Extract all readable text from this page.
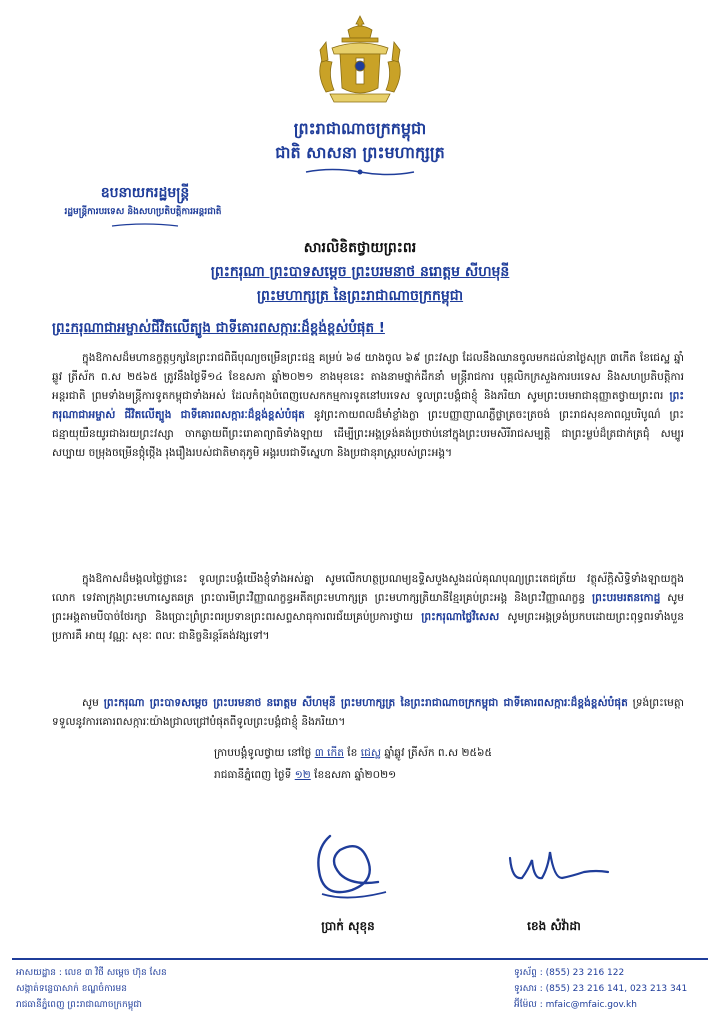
ព្រះរាជាណាចក្រកម្ពុជា
ជាតិ សាសនា ព្រះមហាក្សត្រ
ឧបនាយករដ្ឋមន្ត្រី
រដ្ឋមន្ត្រីការបរទេស និងសហប្រតិបត្តិការអន្តរជាតិ
សារលិខិតថ្វាយព្រះពរ
ព្រះករុណា ព្រះបាទសម្តេច ព្រះបរមនាថ នរោត្តម សីហមុនី
ព្រះមហាក្សត្រ នៃព្រះរាជាណាចក្រកម្ពុជា
ព្រះករុណាជាអម្ចាស់ជីវិតលើត្បូង ជាទីគោរពសក្ការៈដ៏ខ្ពង់ខ្ពស់បំផុត !
ក្នុងឱកាសដ៏មហានក្ខត្តឫក្សនៃព្រះរាជពិធីបុណ្យចម្រើនព្រះជន្ម គម្រប់ ៦៨ យាងចូល ៦៩ ព្រះវស្សា ដែលនឹងឈានចូលមកដល់នាថ្ងៃសុក្រ ៣កើត ខែជេស្ឋ ឆ្នាំឆ្លូវ ត្រីស័ក ព.ស ២៥៦៥ ត្រូវនឹងថ្ងៃទី១៤ ខែឧសភា ឆ្នាំ២០២១ ខាងមុខនេះ តាងនាមថ្នាក់ដឹកនាំ មន្ត្រីរាជការ បុគ្គលិកក្រសួងការបរទេស និងសហប្រតិបត្តិការអន្តរជាតិ ព្រមទាំងមន្ត្រីការទូតកម្ពុជាទាំងអស់ ដែលកំពុងបំពេញបេសកកម្មការទូតនៅបរទេស ទូលព្រះបង្គំជាខ្ញុំ និងភរិយា សូមព្រះបរមរាជានុញ្ញាតថ្វាយព្រះពរ ព្រះករុណាជាអម្ចាស់ ជីវិតលើត្បូង ជាទីគោរពសក្ការៈដ៏ខ្ពង់ខ្ពស់បំផុត នូវព្រះកាយពលដ៏មាំខ្លាំងក្លា ព្រះបញ្ញាញាណភ្លឺថ្លាត្រចះត្រចង់ ព្រះរាជសុខភាពល្អបរិបូណ៌ ព្រះជន្មាយុយឺនយូរជាងរយព្រះវស្សា ចាកឆ្ងាយពីព្រះរោគាព្យាធិទាំងឡាយ ដើម្បីព្រះអង្គទ្រង់គង់ប្រថាប់នៅក្នុងព្រះបរមសិរីរាជសម្បត្តិ ជាព្រះម្លប់ដ៏ត្រជាក់ត្រជុំ សម្បូរសប្បាយ ចម្រុងចម្រើនថ្កុំថ្កើង រុងរឿងរបស់ជាតិមាតុភូមិ អង្គរបរជាទីស្នេហា និងប្រជានុរាស្ត្ររបស់ព្រះអង្គ។
ក្នុងឱកាសដ៏មង្គលថ្លៃថ្លានេះ ទូលព្រះបង្គំយើងខ្ញុំទាំងអស់គ្នា សូមលើកហត្ថប្រណម្យឧទ្ទិសបួងសួងដល់គុណបុណ្យព្រះតេជត្រ័យ វត្ថុស័ក្តិសិទ្ធិទាំងឡាយក្នុងលោក ទេវតាក្រុងព្រះមហាស្វេតឆត្រ ព្រះបារមីព្រះវិញ្ញាណក្ខន្ធអតីតព្រះមហាក្សត្រ ព្រះមហាក្សត្រិយានីខ្មែរគ្រប់ព្រះអង្គ និងព្រះវិញ្ញាណក្ខន្ធ ព្រះបរមរតនកោដ្ឋ សូមព្រះអង្គតាមបីបាច់ថែរក្សា និងប្រោះព្រំព្រះពរប្រទានព្រះពរសព្ទសាធុការពរជ័យគ្រប់ប្រការថ្វាយ ព្រះករុណាថ្លៃវិសេស សូមព្រះអង្គទ្រង់ប្រកបដោយព្រះពុទ្ធពរទាំងបួនប្រការគឺ អាយុ វណ្ណៈ សុខៈ ពលៈ ជានិច្ចនិរន្តរ៍គង់វង្សទៅ។
សូម ព្រះករុណា ព្រះបាទសម្តេច ព្រះបរមនាថ នរោត្តម សីហមុនី ព្រះមហាក្សត្រ នៃព្រះរាជាណាចក្រកម្ពុជា ជាទីគោរពសក្ការៈដ៏ខ្ពង់ខ្ពស់បំផុត ទ្រង់ព្រះមេត្តាទទួលនូវការគោរពសក្ការៈយ៉ាងជ្រាលជ្រៅបំផុតពីទូលព្រះបង្គំជាខ្ញុំ និងភរិយា។
ក្រាបបង្គំទូលថ្វាយ នៅថ្ងៃ ៣ កើត ខែ ជេស្ឋ ឆ្នាំឆ្លូវ ត្រីស័ក ព.ស ២៥៦៥
រាជធានីភ្នំពេញ ថ្ងៃទី ១២ ខែឧសភា ឆ្នាំ២០២១
ប្រាក់ សុខុន	ខេង សំវ៉ាដា
អាសយដ្ឋាន : លេខ ៣ វិថី សម្តេច ហ៊ុន សែន
សង្កាត់ទន្លេបាសាក់ ខណ្ឌចំការមន
រាជធានីភ្នំពេញ ព្រះរាជាណាចក្រកម្ពុជា
ទូរស័ព្ទ : (855) 23 216 122
ទូរសារ : (855) 23 216 141, 023 213 341
អ៊ីម៉ែល : mfaic@mfaic.gov.kh
